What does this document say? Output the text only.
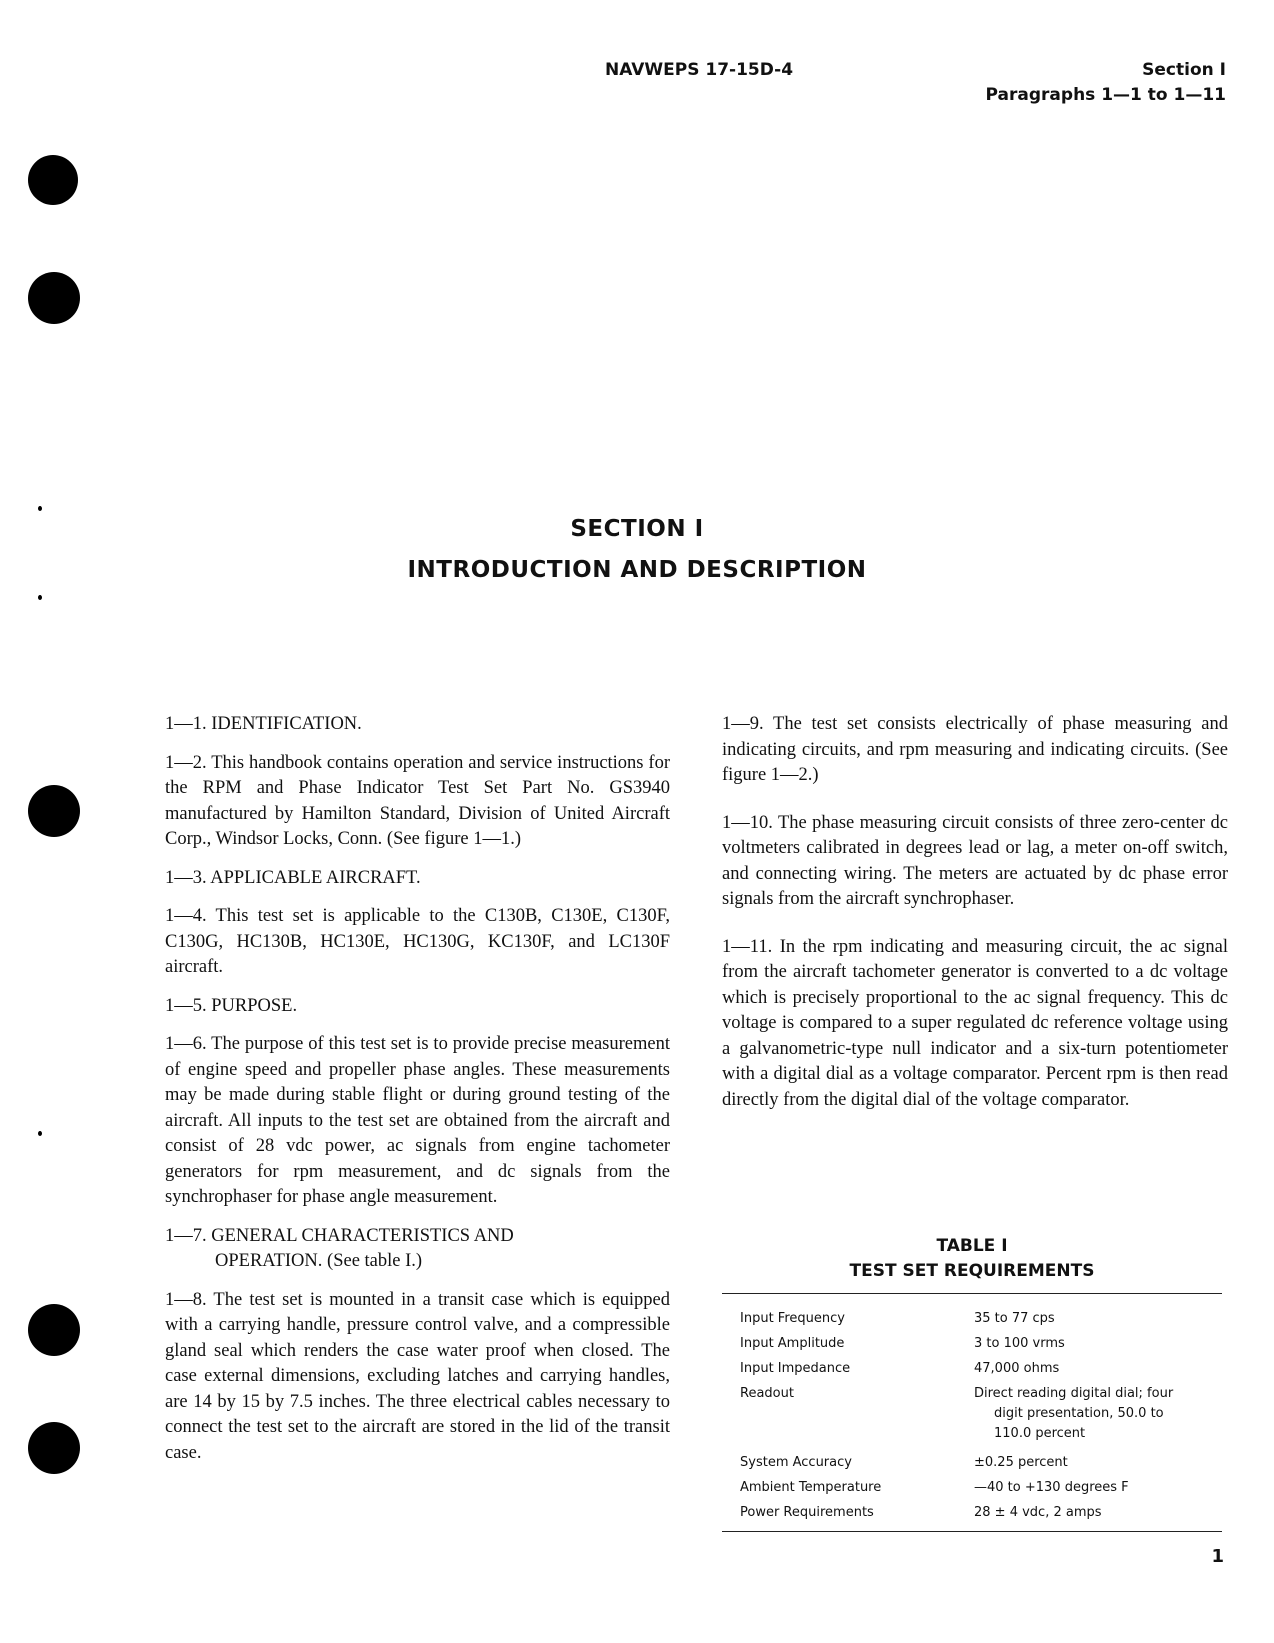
NAVWEPS 17-15D-4	Section I
Paragraphs 1—1 to 1—11
SECTION I
INTRODUCTION AND DESCRIPTION

1—1. IDENTIFICATION.

1—2. This handbook contains operation and service instructions for the RPM and Phase Indicator Test Set Part No. GS3940 manufactured by Hamilton Standard, Division of United Aircraft Corp., Windsor Locks, Conn. (See figure 1—1.)

1—3. APPLICABLE AIRCRAFT.

1—4. This test set is applicable to the C130B, C130E, C130F, C130G, HC130B, HC130E, HC130G, KC130F, and LC130F aircraft.

1—5. PURPOSE.

1—6. The purpose of this test set is to provide precise measurement of engine speed and propeller phase angles. These measurements may be made during stable flight or during ground testing of the aircraft. All inputs to the test set are obtained from the aircraft and consist of 28 vdc power, ac signals from engine tachometer generators for rpm measurement, and dc signals from the synchrophaser for phase angle measurement.

1—7. GENERAL CHARACTERISTICS AND
OPERATION. (See table I.)

1—8. The test set is mounted in a transit case which is equipped with a carrying handle, pressure control valve, and a compressible gland seal which renders the case water proof when closed. The case external dimensions, excluding latches and carrying handles, are 14 by 15 by 7.5 inches. The three electrical cables necessary to connect the test set to the aircraft are stored in the lid of the transit case.

1—9. The test set consists electrically of phase measuring and indicating circuits, and rpm measuring and indicating circuits. (See figure 1—2.)

1—10. The phase measuring circuit consists of three zero-center dc voltmeters calibrated in degrees lead or lag, a meter on-off switch, and connecting wiring. The meters are actuated by dc phase error signals from the aircraft synchrophaser.

1—11. In the rpm indicating and measuring circuit, the ac signal from the aircraft tachometer generator is converted to a dc voltage which is precisely proportional to the ac signal frequency. This dc voltage is compared to a super regulated dc reference voltage using a galvanometric-type null indicator and a six-turn potentiometer with a digital dial as a voltage comparator. Percent rpm is then read directly from the digital dial of the voltage comparator.

TABLE I
TEST SET REQUIREMENTS
Input Frequency	35 to 77 cps
Input Amplitude	3 to 100 vrms
Input Impedance	47,000 ohms
Readout	Direct reading digital dial; four
digit presentation, 50.0 to
110.0 percent
System Accuracy	±0.25 percent
Ambient Temperature	—40 to +130 degrees F
Power Requirements	28 ± 4 vdc, 2 amps
1
